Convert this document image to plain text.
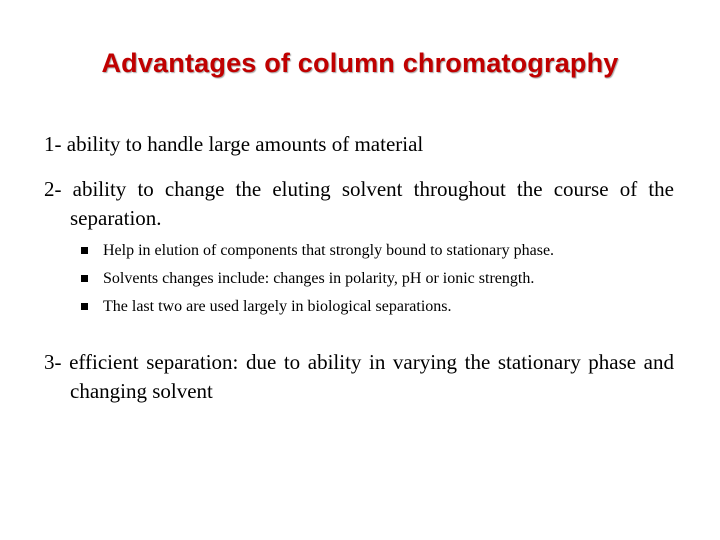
Advantages of column chromatography
1- ability to handle large amounts of material
2- ability to change the eluting solvent throughout the course of the separation.
Help in elution of components that strongly bound to stationary phase.
Solvents changes include: changes in polarity, pH or ionic strength.
The last two are used largely in biological separations.
3- efficient separation: due to ability in varying the stationary phase and changing solvent
